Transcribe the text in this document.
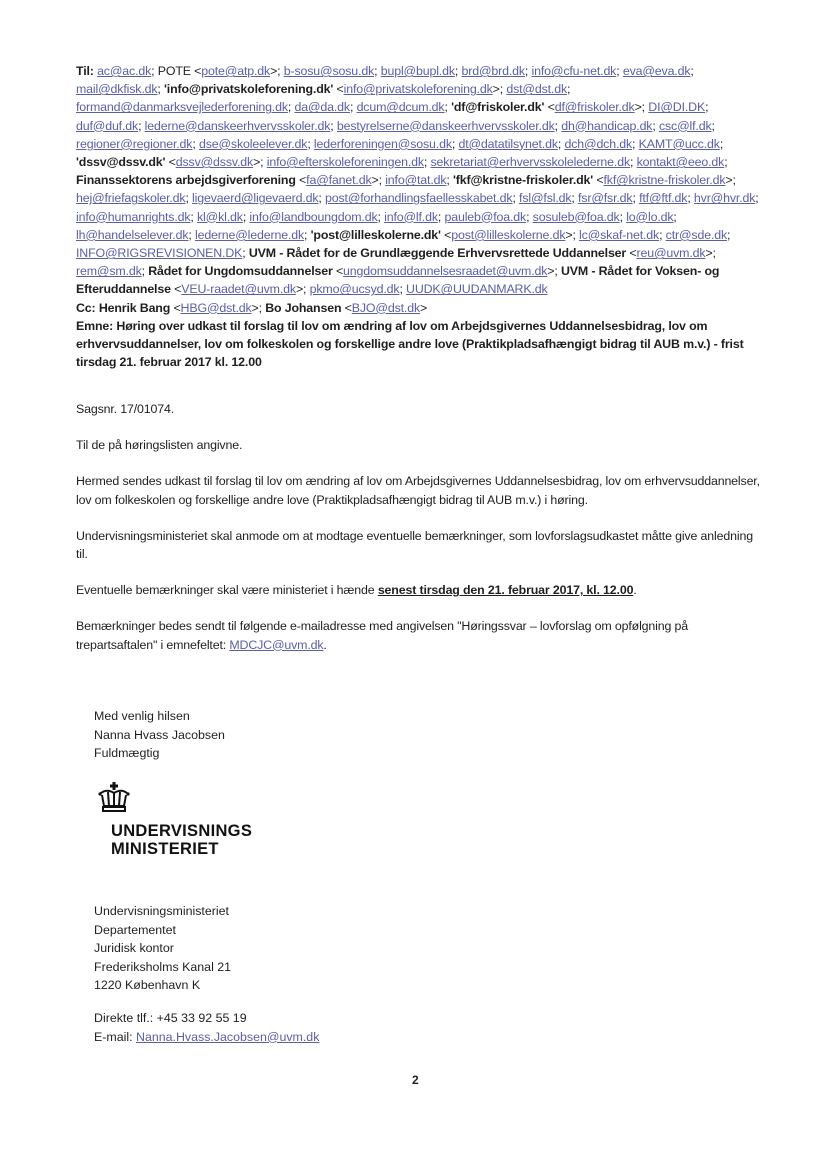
Til: ac@ac.dk; POTE <pote@atp.dk>; b-sosu@sosu.dk; bupl@bupl.dk; brd@brd.dk; info@cfu-net.dk; eva@eva.dk; mail@dkfisk.dk; 'info@privatskoleforening.dk' <info@privatskoleforening.dk>; dst@dst.dk; formand@danmarksvejlederforening.dk; da@da.dk; dcum@dcum.dk; 'df@friskoler.dk' <df@friskoler.dk>; DI@DI.DK; duf@duf.dk; lederne@danskeerhvervsskoler.dk; bestyrelserne@danskeerhvervsskoler.dk; dh@handicap.dk; csc@lf.dk; regioner@regioner.dk; dse@skoleelever.dk; lederforeningen@sosu.dk; dt@datatilsynet.dk; dch@dch.dk; KAMT@ucc.dk; 'dssv@dssv.dk' <dssv@dssv.dk>; info@efterskoleforeningen.dk; sekretariat@erhvervsskolelederne.dk; kontakt@eeo.dk; Finanssektorens arbejdsgiverforening <fa@fanet.dk>; info@tat.dk; 'fkf@kristne-friskoler.dk' <fkf@kristne-friskoler.dk>; hej@friefagskoler.dk; ligevaerd@ligevaerd.dk; post@forhandlingsfaellesskabet.dk; fsl@fsl.dk; fsr@fsr.dk; ftf@ftf.dk; hvr@hvr.dk; info@humanrights.dk; kl@kl.dk; info@landboungdom.dk; info@lf.dk; pauleb@foa.dk; sosuleb@foa.dk; lo@lo.dk; lh@handelselever.dk; lederne@lederne.dk; 'post@lilleskolerne.dk' <post@lilleskolerne.dk>; lc@skaf-net.dk; ctr@sde.dk; INFO@RIGSREVISIONEN.DK; UVM - Rådet for de Grundlæggende Erhvervsrettede Uddannelser <reu@uvm.dk>; rem@sm.dk; Rådet for Ungdomsuddannelser <ungdomsuddannelsesraadet@uvm.dk>; UVM - Rådet for Voksen- og Efteruddannelse <VEU-raadet@uvm.dk>; pkmo@ucsyd.dk; UUDK@UUDANMARK.dk
Cc: Henrik Bang <HBG@dst.dk>; Bo Johansen <BJO@dst.dk>
Emne: Høring over udkast til forslag til lov om ændring af lov om Arbejdsgivernes Uddannelsesbidrag, lov om erhvervsuddannelser, lov om folkeskolen og forskellige andre love (Praktikpladsafhængigt bidrag til AUB m.v.) - frist tirsdag 21. februar 2017 kl. 12.00

Sagsnr. 17/01074.

Til de på høringslisten angivne.

Hermed sendes udkast til forslag til lov om ændring af lov om Arbejdsgivernes Uddannelsesbidrag, lov om erhvervsuddannelser, lov om folkeskolen og forskellige andre love (Praktikpladsafhængigt bidrag til AUB m.v.) i høring.

Undervisningsministeriet skal anmode om at modtage eventuelle bemærkninger, som lovforslagsudkastet måtte give anledning til.

Eventuelle bemærkninger skal være ministeriet i hænde senest tirsdag den 21. februar 2017, kl. 12.00.

Bemærkninger bedes sendt til følgende e-mailadresse med angivelsen "Høringssvar – lovforslag om opfølgning på trepartsaftalen" i emnefeltet: MDCJC@uvm.dk.

Med venlig hilsen
Nanna Hvass Jacobsen
Fuldmægtig
UNDERVISNINGS
MINISTERIET
Undervisningsministeriet
Departementet
Juridisk kontor
Frederiksholms Kanal 21
1220 København K
Direkte tlf.: +45 33 92 55 19
E-mail: Nanna.Hvass.Jacobsen@uvm.dk
2
